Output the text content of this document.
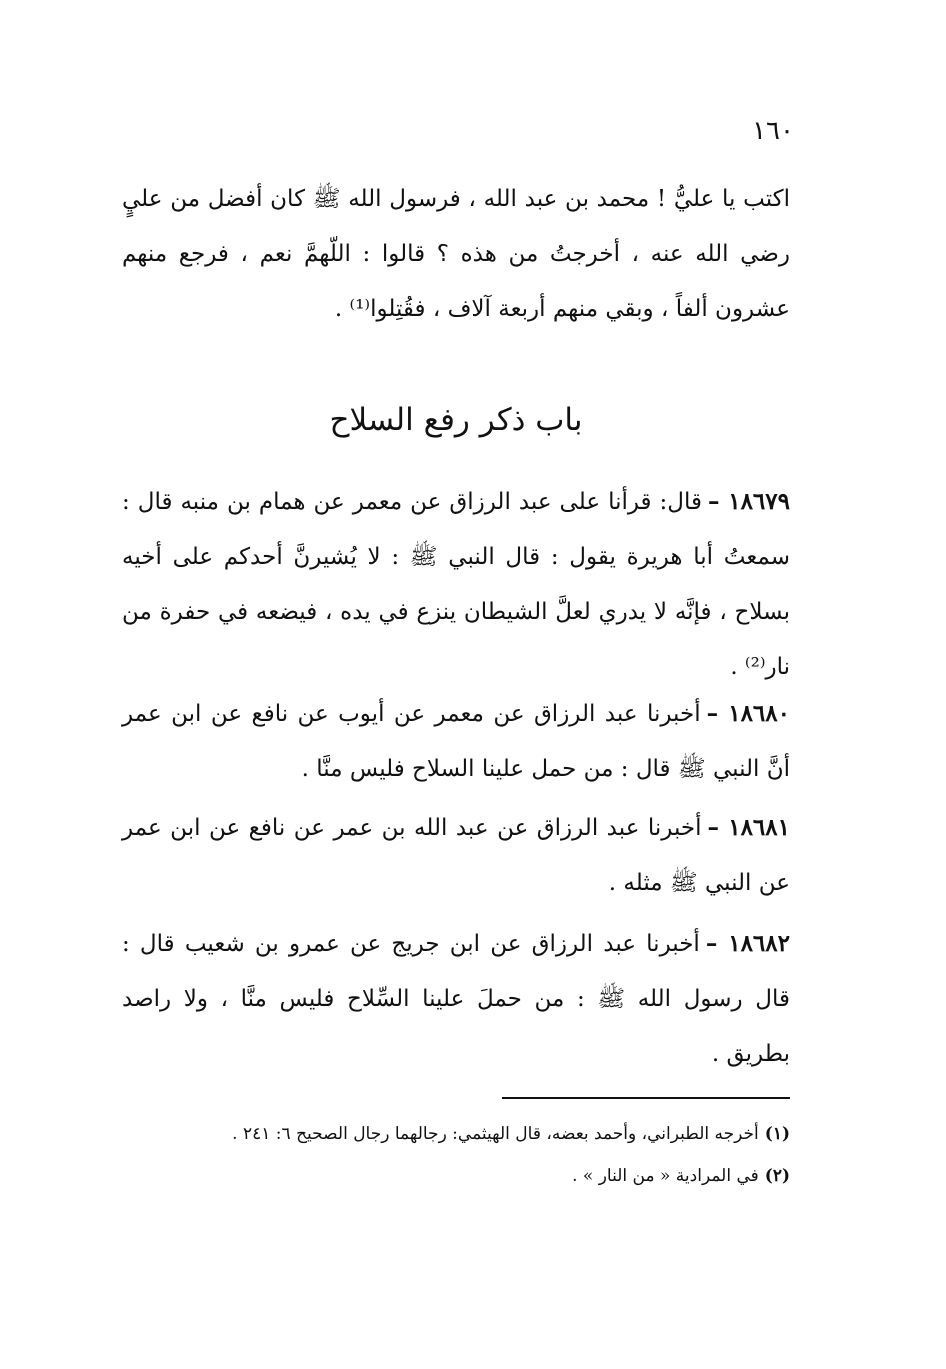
١٦٠

اكتب يا عليُّ ! محمد بن عبد الله ، فرسول الله ﷺ كان أفضل من عليٍ رضي الله عنه ، أخرجتُ من هذه ؟ قالوا : اللّهمَّ نعم ، فرجع منهم عشرون ألفاً ، وبقي منهم أربعة آلاف ، فقُتِلوا⁽¹⁾ .

باب ذكر رفع السلاح

١٨٦٧٩ –قال: قرأنا على عبد الرزاق عن معمر عن همام بن منبه قال : سمعتُ أبا هريرة يقول : قال النبي ﷺ : لا يُشيرنَّ أحدكم على أخيه بسلاح ، فإنَّه لا يدري لعلَّ الشيطان ينزع في يده ، فيضعه في حفرة من نار⁽²⁾ .

١٨٦٨٠ –أخبرنا عبد الرزاق عن معمر عن أيوب عن نافع عن ابن عمر أنَّ النبي ﷺ قال : من حمل علينا السلاح فليس منَّا .

١٨٦٨١ –أخبرنا عبد الرزاق عن عبد الله بن عمر عن نافع عن ابن عمر عن النبي ﷺ مثله .

١٨٦٨٢ –أخبرنا عبد الرزاق عن ابن جريج عن عمرو بن شعيب قال : قال رسول الله ﷺ : من حملَ علينا السِّلاح فليس منَّا ، ولا راصد بطريق .

(١)أخرجه الطبراني، وأحمد بعضه، قال الهيثمي: رجالهما رجال الصحيح ٦: ٢٤١ .

(٢)في المرادية « من النار » .
